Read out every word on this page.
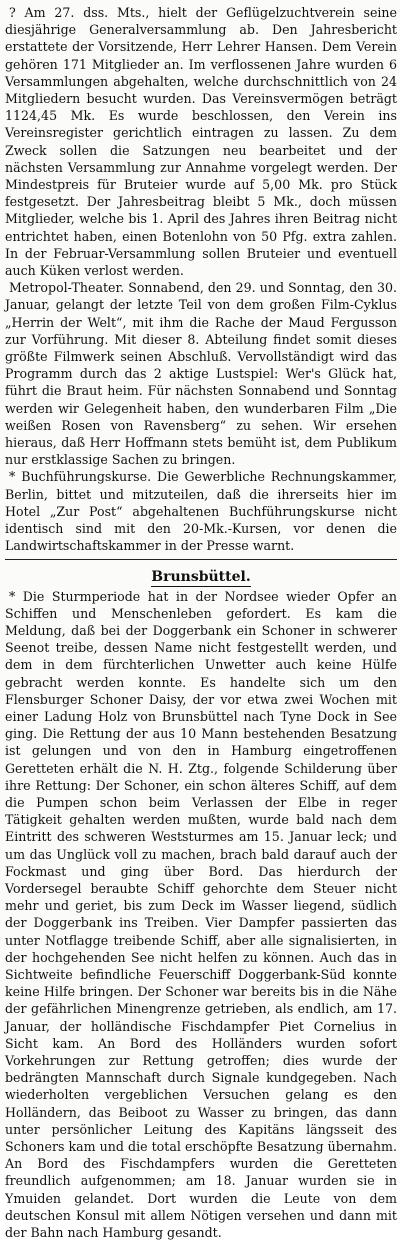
? Am 27. dss. Mts., hielt der Geflügelzuchtverein seine diesjährige Generalversammlung ab. Den Jahresbericht erstattete der Vorsitzende, Herr Lehrer Hansen. Dem Verein gehören 171 Mitglieder an. Im verflossenen Jahre wurden 6 Versammlungen abgehalten, welche durchschnittlich von 24 Mitgliedern besucht wurden. Das Vereinsvermögen beträgt 1124,45 Mk. Es wurde beschlossen, den Verein ins Vereinsregister gerichtlich eintragen zu lassen. Zu dem Zweck sollen die Satzungen neu bearbeitet und der nächsten Versammlung zur Annahme vorgelegt werden. Der Mindestpreis für Bruteier wurde auf 5,00 Mk. pro Stück festgesetzt. Der Jahresbeitrag bleibt 5 Mk., doch müssen Mitglieder, welche bis 1. April des Jahres ihren Beitrag nicht entrichtet haben, einen Botenlohn von 50 Pfg. extra zahlen. In der Februar-Versammlung sollen Bruteier und eventuell auch Küken verlost werden.

Metropol-Theater. Sonnabend, den 29. und Sonntag, den 30. Januar, gelangt der letzte Teil von dem großen Film-Cyklus „Herrin der Welt“, mit ihm die Rache der Maud Fergusson zur Vorführung. Mit dieser 8. Abteilung findet somit dieses größte Filmwerk seinen Abschluß. Vervollständigt wird das Programm durch das 2 aktige Lustspiel: Wer's Glück hat, führt die Braut heim. Für nächsten Sonnabend und Sonntag werden wir Gelegenheit haben, den wunderbaren Film „Die weißen Rosen von Ravensberg“ zu sehen. Wir ersehen hieraus, daß Herr Hoffmann stets bemüht ist, dem Publikum nur erstklassige Sachen zu bringen.

* Buchführungskurse. Die Gewerbliche Rechnungskammer, Berlin, bittet und mitzuteilen, daß die ihrerseits hier im Hotel „Zur Post“ abgehaltenen Buchführungskurse nicht identisch sind mit den 20-Mk.-Kursen, vor denen die Landwirtschaftskammer in der Presse warnt.

Brunsbüttel.

* Die Sturmperiode hat in der Nordsee wieder Opfer an Schiffen und Menschenleben gefordert. Es kam die Meldung, daß bei der Doggerbank ein Schoner in schwerer Seenot treibe, dessen Name nicht festgestellt werden, und dem in dem fürchterlichen Unwetter auch keine Hülfe gebracht werden konnte. Es handelte sich um den Flensburger Schoner Daisy, der vor etwa zwei Wochen mit einer Ladung Holz von Brunsbüttel nach Tyne Dock in See ging. Die Rettung der aus 10 Mann bestehenden Besatzung ist gelungen und von den in Hamburg eingetroffenen Geretteten erhält die N. H. Ztg., folgende Schilderung über ihre Rettung: Der Schoner, ein schon älteres Schiff, auf dem die Pumpen schon beim Verlassen der Elbe in reger Tätigkeit gehalten werden mußten, wurde bald nach dem Eintritt des schweren Weststurmes am 15. Januar leck; und um das Unglück voll zu machen, brach bald darauf auch der Fockmast und ging über Bord. Das hierdurch der Vordersegel beraubte Schiff gehorchte dem Steuer nicht mehr und geriet, bis zum Deck im Wasser liegend, südlich der Doggerbank ins Treiben. Vier Dampfer passierten das unter Notflagge treibende Schiff, aber alle signalisierten, in der hochgehenden See nicht helfen zu können. Auch das in Sichtweite befindliche Feuerschiff Doggerbank-Süd konnte keine Hilfe bringen. Der Schoner war bereits bis in die Nähe der gefährlichen Minengrenze getrieben, als endlich, am 17. Januar, der holländische Fischdampfer Piet Cornelius in Sicht kam. An Bord des Holländers wurden sofort Vorkehrungen zur Rettung getroffen; dies wurde der bedrängten Mannschaft durch Signale kundgegeben. Nach wiederholten vergeblichen Versuchen gelang es den Holländern, das Beiboot zu Wasser zu bringen, das dann unter persönlicher Leitung des Kapitäns längsseit des Schoners kam und die total erschöpfte Besatzung übernahm. An Bord des Fischdampfers wurden die Geretteten freundlich aufgenommen; am 18. Januar wurden sie in Ymuiden gelandet. Dort wurden die Leute von dem deutschen Konsul mit allem Nötigen versehen und dann mit der Bahn nach Hamburg gesandt.
